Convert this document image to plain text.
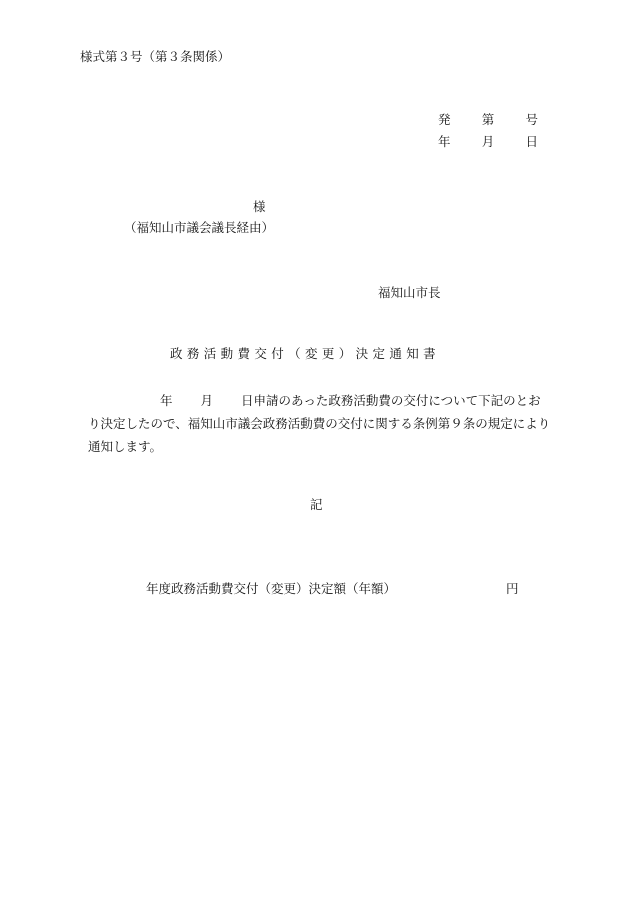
様式第３号（第３条関係）
発 第 号
年 月 日
様
（福知山市議会議長経由）
福知山市長
政務活動費交付（変更）決定通知書
年 月 日申請のあった政務活動費の交付について下記のとおり決定したので、福知山市議会政務活動費の交付に関する条例第９条の規定により通知します。
記
年度政務活動費交付（変更）決定額（年額）	円
